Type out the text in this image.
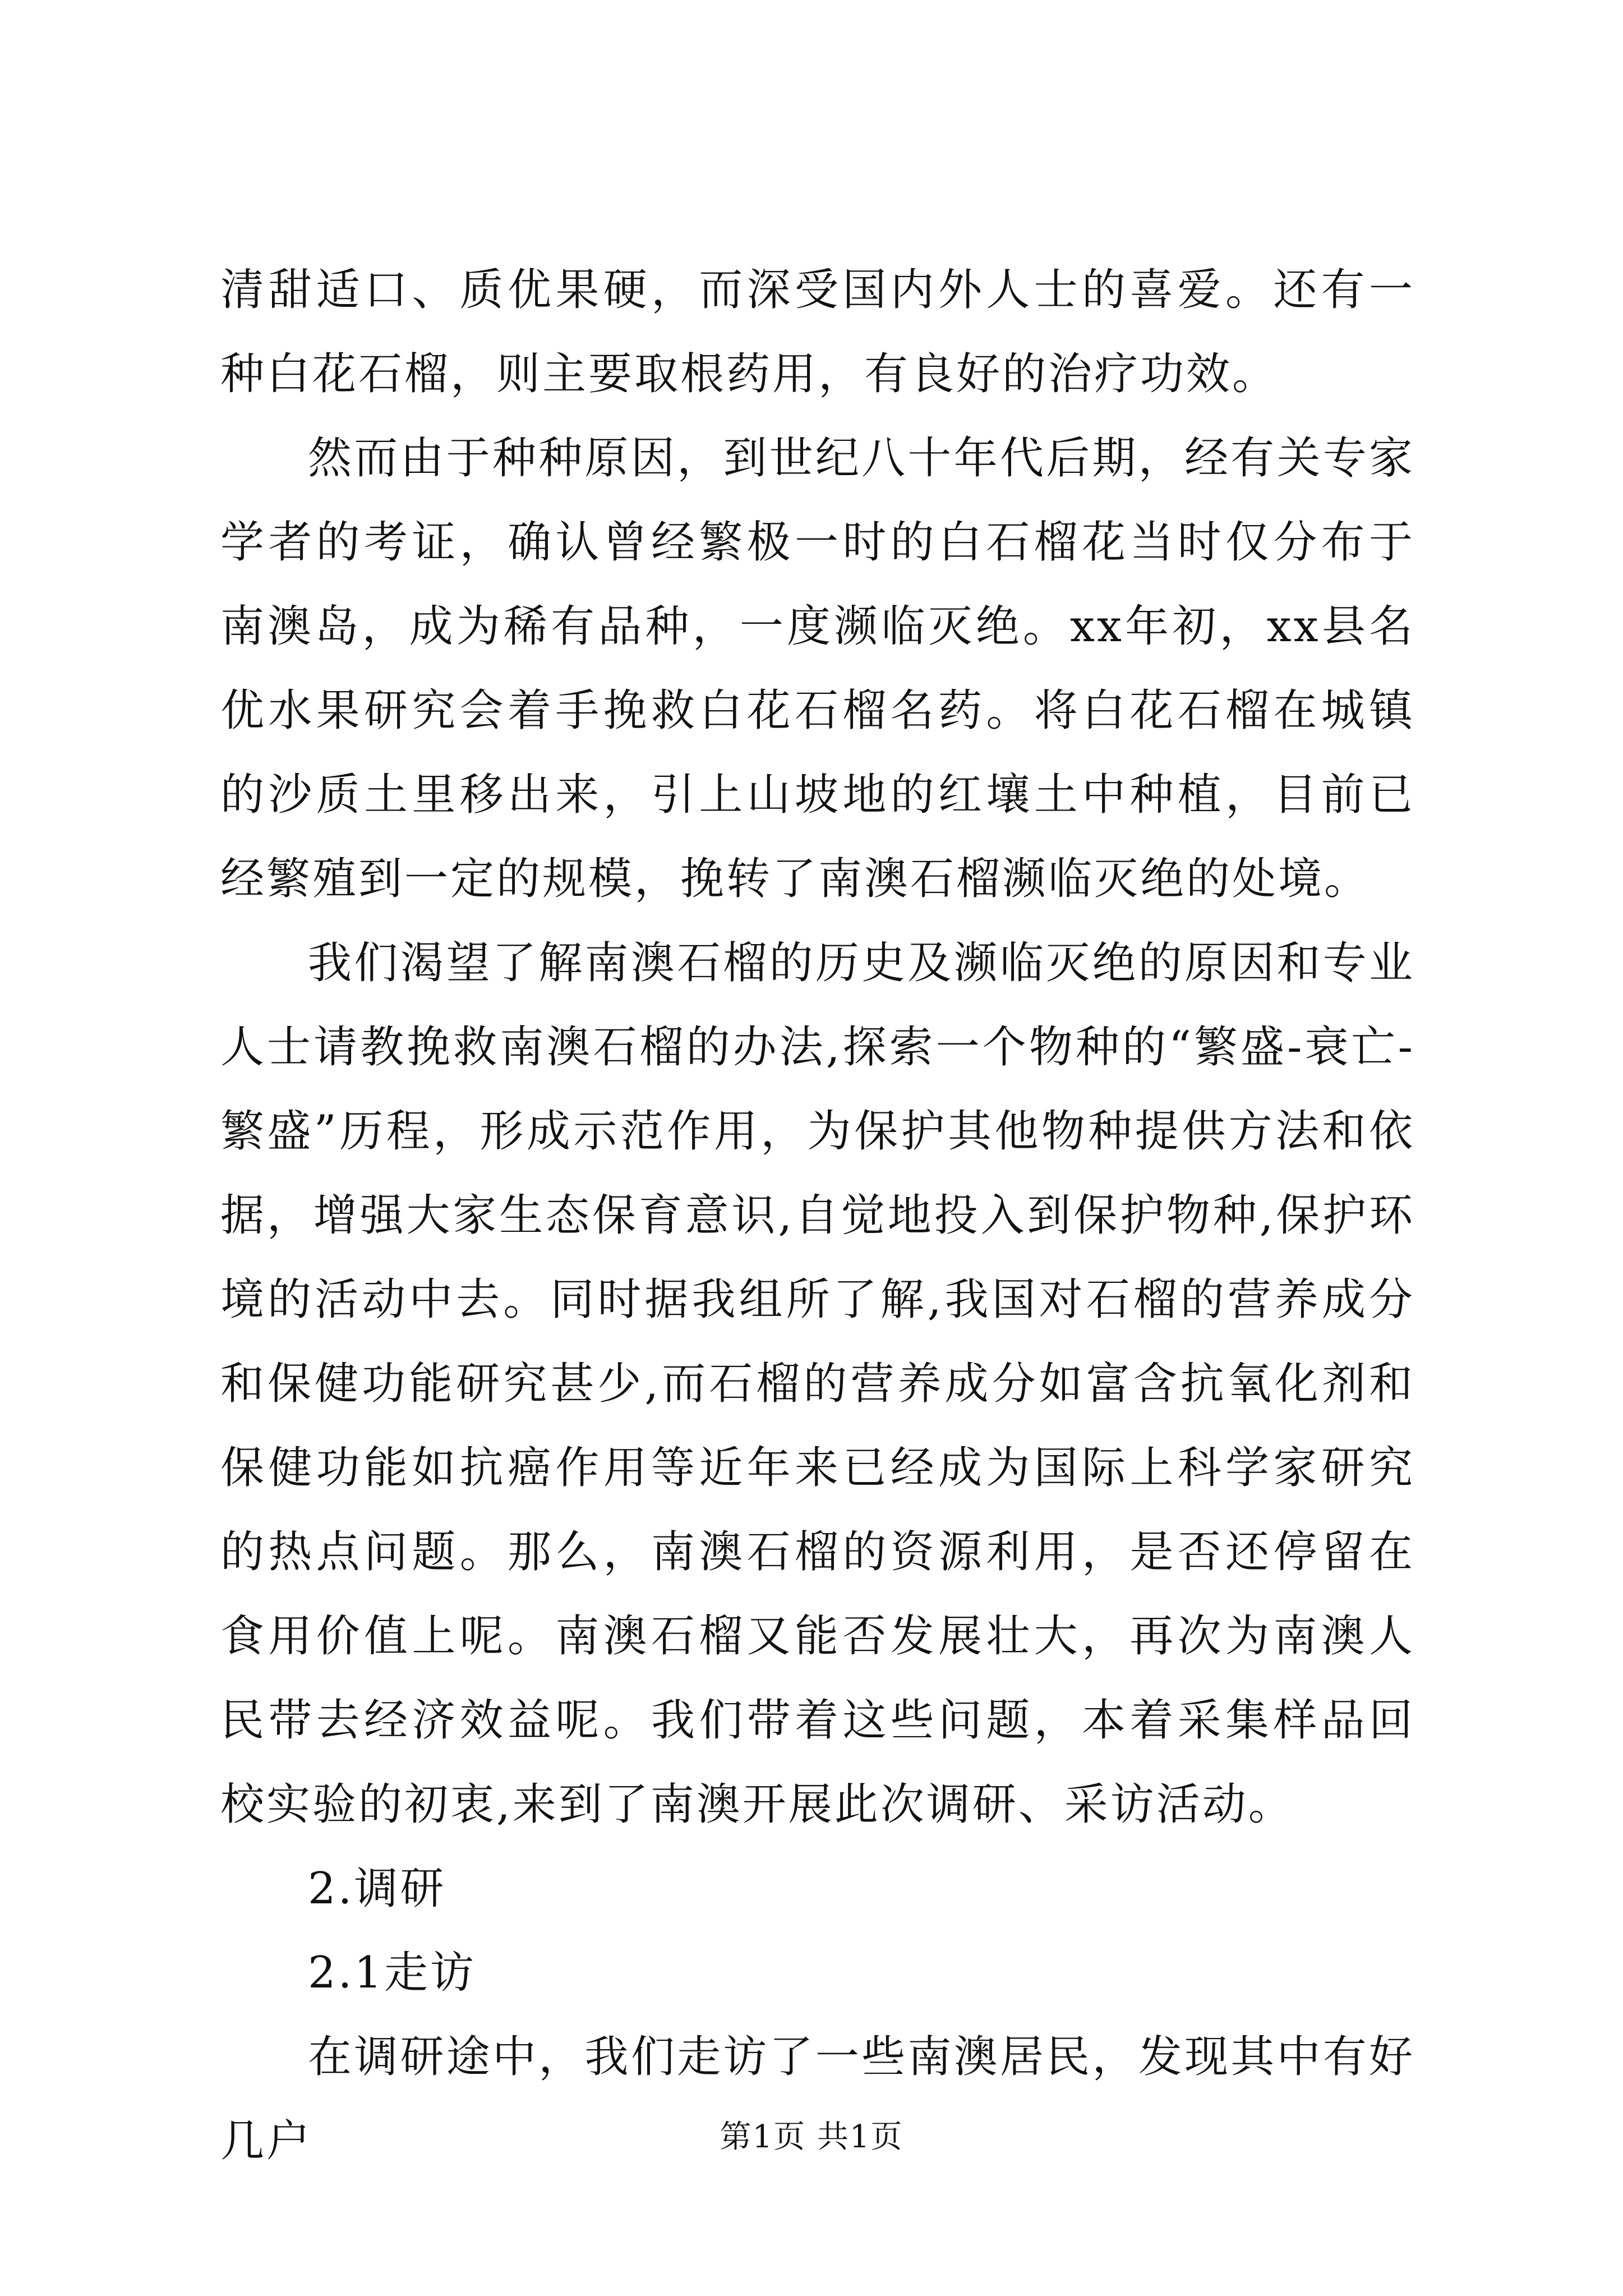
清甜适口、质优果硬，而深受国内外人士的喜爱。还有一种白花石榴，则主要取根药用，有良好的治疗功效。

然而由于种种原因，到世纪八十年代后期，经有关专家学者的考证，确认曾经繁极一时的白石榴花当时仅分布于南澳岛，成为稀有品种，一度濒临灭绝。xx年初，xx县名优水果研究会着手挽救白花石榴名药。将白花石榴在城镇的沙质土里移出来，引上山坡地的红壤土中种植，目前已经繁殖到一定的规模，挽转了南澳石榴濒临灭绝的处境。

我们渴望了解南澳石榴的历史及濒临灭绝的原因和专业人士请教挽救南澳石榴的办法,探索一个物种的“繁盛-衰亡-繁盛”历程，形成示范作用，为保护其他物种提供方法和依据，增强大家生态保育意识,自觉地投入到保护物种,保护环境的活动中去。同时据我组所了解,我国对石榴的营养成分和保健功能研究甚少,而石榴的营养成分如富含抗氧化剂和保健功能如抗癌作用等近年来已经成为国际上科学家研究的热点问题。那么，南澳石榴的资源利用，是否还停留在食用价值上呢。南澳石榴又能否发展壮大，再次为南澳人民带去经济效益呢。我们带着这些问题，本着采集样品回校实验的初衷,来到了南澳开展此次调研、采访活动。

2.调研

2.1走访

在调研途中，我们走访了一些南澳居民，发现其中有好几户	第1页 共1页
